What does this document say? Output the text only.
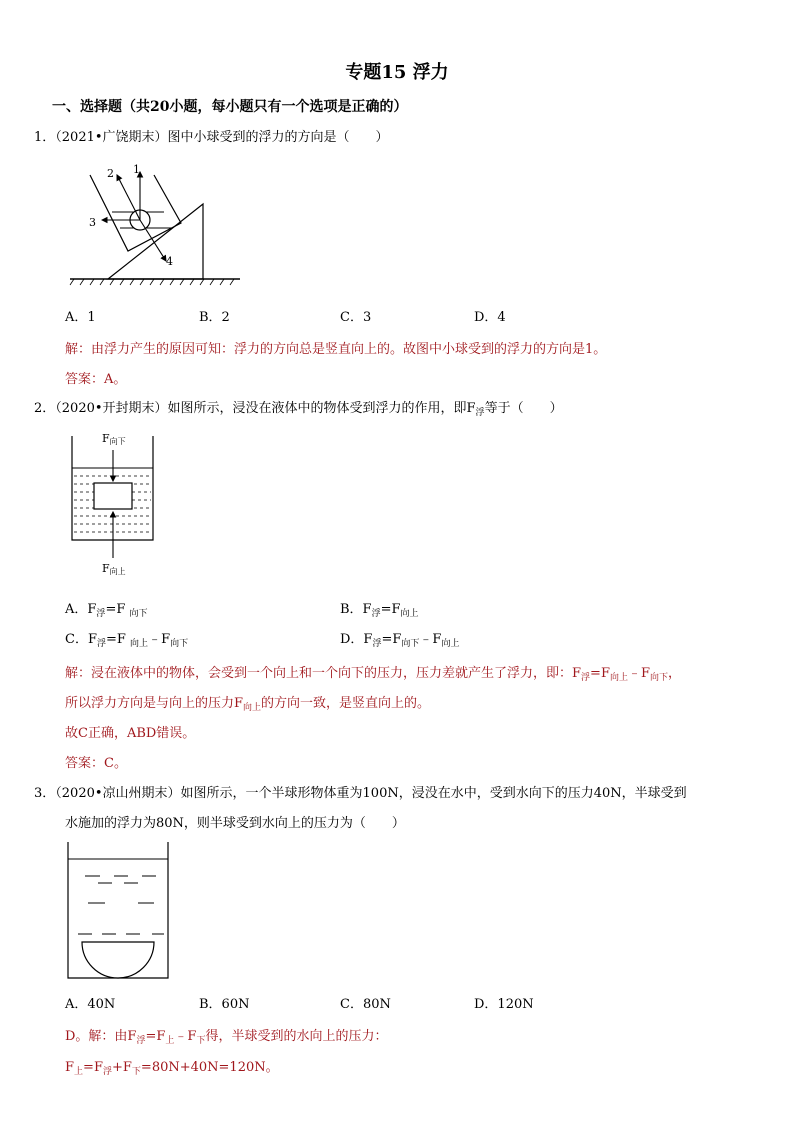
专题15 浮力
一、选择题（共20小题，每小题只有一个选项是正确的）
1．（2021•广饶期末）图中小球受到的浮力的方向是（　　）
1
2
3
4
A．1	B．2	C．3	D．4
解：由浮力产生的原因可知：浮力的方向总是竖直向上的。故图中小球受到的浮力的方向是1。
答案：A。
2．（2020•开封期末）如图所示，浸没在液体中的物体受到浮力的作用，即$F_浮$等于（　　）
F向下
F向上
A．$F_浮=F$ $_{向下}$	B．$F_浮=F_{向上}$
C．$F_浮=F$ $_{向上}﹣F_{向下}$	D．$F_浮=F_{向下}﹣F_{向上}$
解：浸在液体中的物体，会受到一个向上和一个向下的压力，压力差就产生了浮力，即：$F_浮=F_{向上}﹣F_{向下}$，
所以浮力方向是与向上的压力$F_{向上}$的方向一致，是竖直向上的。
故C正确，ABD错误。
答案：C。
3．（2020•凉山州期末）如图所示，一个半球形物体重为100N，浸没在水中，受到水向下的压力40N，半球受到
水施加的浮力为80N，则半球受到水向上的压力为（　　）
A．40N	B．60N	C．80N	D．120N
D。解：由$F_浮=F_上﹣F_下$得，半球受到的水向上的压力：
$F_上=F_浮+F_下=80N+40N=120N$。
